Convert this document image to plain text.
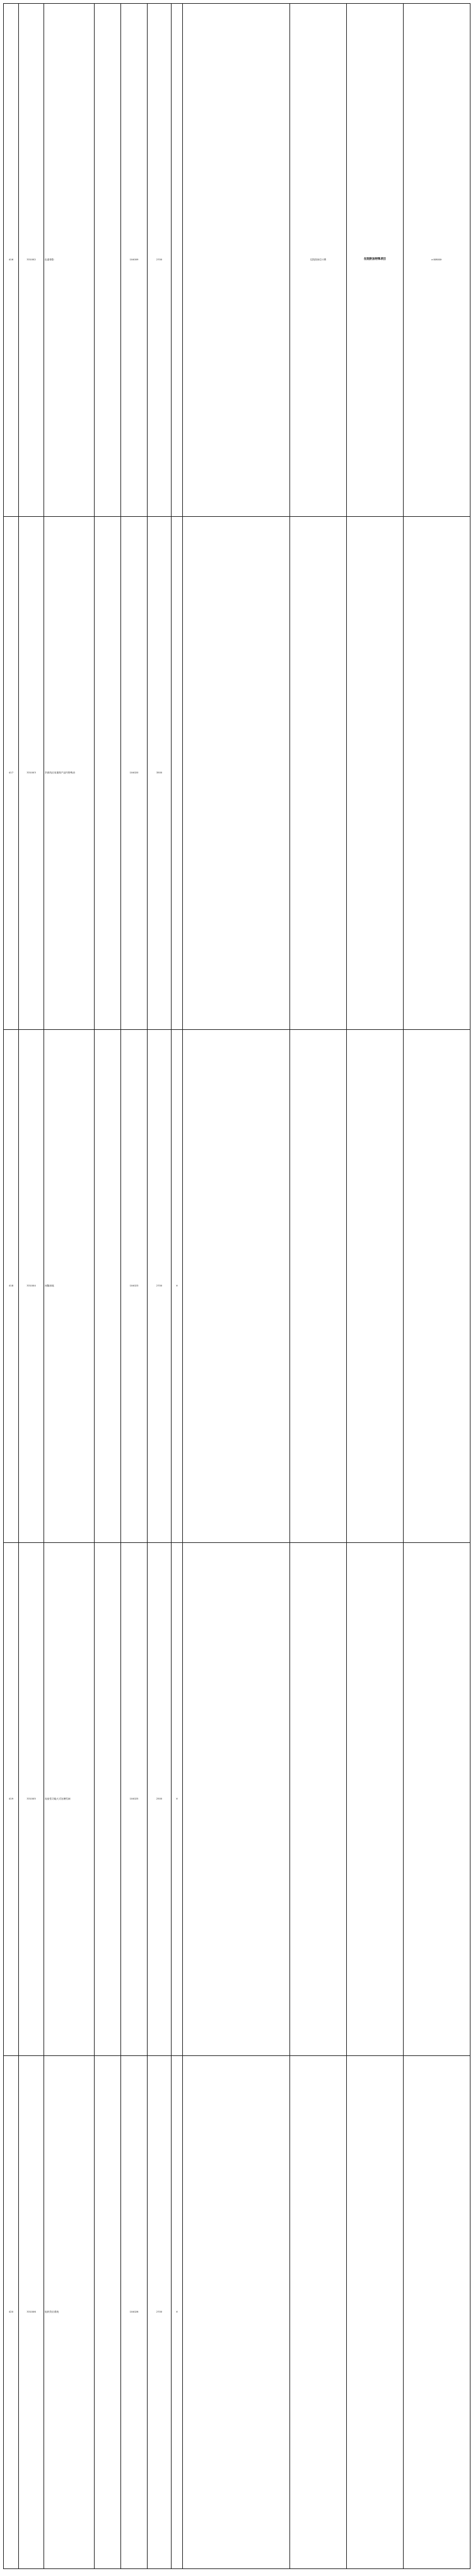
416	331002	色素脊影		104009	2700			住院按床位计费	在院附加特殊项目	a 008000·
417	331003	多源线应用重构产品内特殊治		104020	3500					
418	331004	间隔深离		104023	2700	¥				
419	331005	炎症性功能大式处理性病		104025	2500	¥				
420	331006	组织效应系统		104026	2700	¥				
